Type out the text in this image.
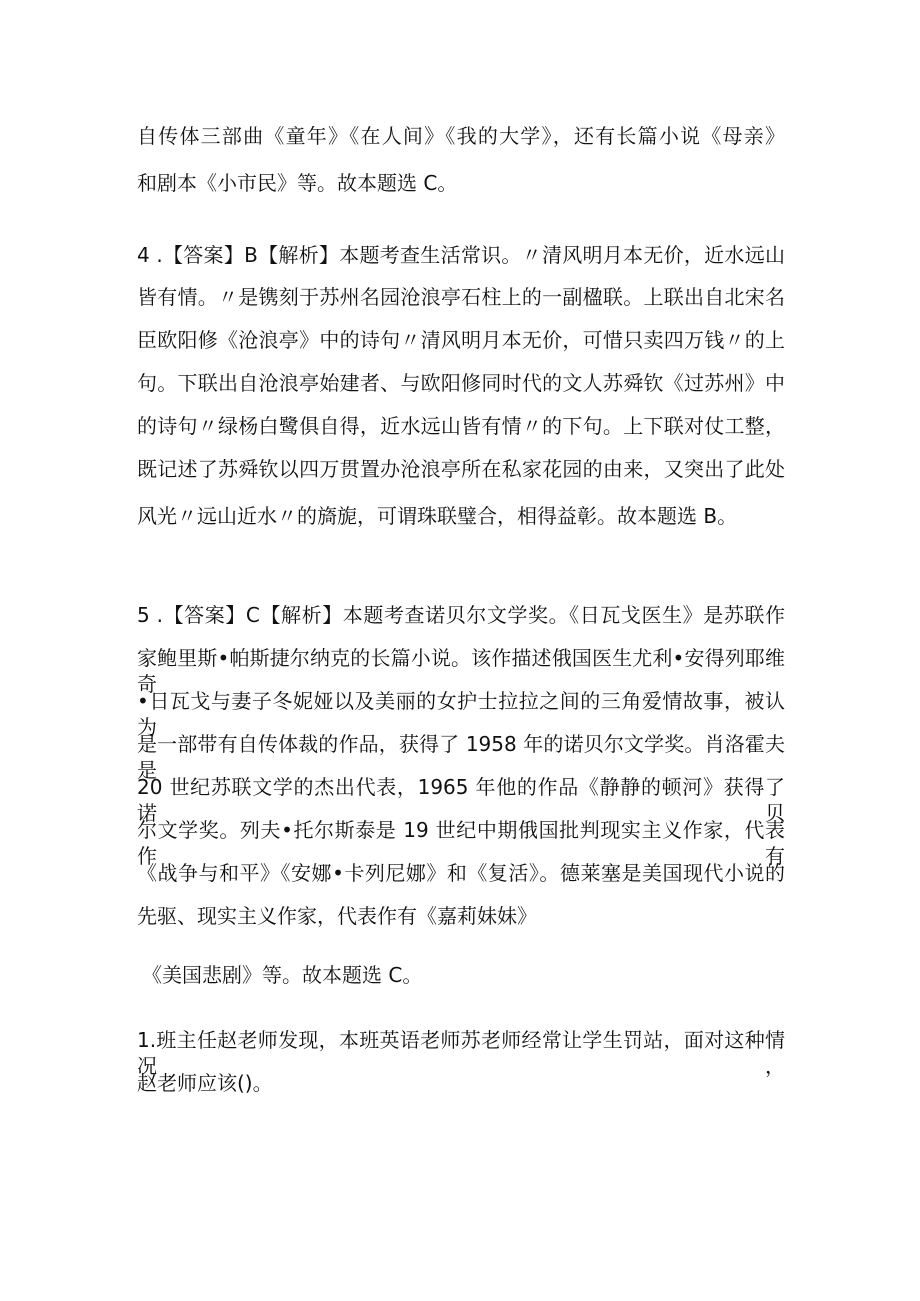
自传体三部曲《童年》《在人间》《我的大学》，还有长篇小说《母亲》

和剧本《小市民》等。故本题选 C。

4 .【答案】B【解析】本题考查生活常识。〃清风明月本无价，近水远山

皆有情。〃是镌刻于苏州名园沧浪亭石柱上的一副楹联。上联出自北宋名

臣欧阳修《沧浪亭》中的诗句〃清风明月本无价，可惜只卖四万钱〃的上

句。下联出自沧浪亭始建者、与欧阳修同时代的文人苏舜钦《过苏州》中

的诗句〃绿杨白鹭俱自得，近水远山皆有情〃的下句。上下联对仗工整，

既记述了苏舜钦以四万贯置办沧浪亭所在私家花园的由来，又突出了此处

风光〃远山近水〃的旖旎，可谓珠联璧合，相得益彰。故本题选 B。

5 .【答案】C【解析】本题考查诺贝尔文学奖。《日瓦戈医生》是苏联作

家鲍里斯•帕斯捷尔纳克的长篇小说。该作描述俄国医生尤利•安得列耶维奇

•日瓦戈与妻子冬妮娅以及美丽的女护士拉拉之间的三角爱情故事，被认为

是一部带有自传体裁的作品，获得了 1958 年的诺贝尔文学奖。肖洛霍夫是

20 世纪苏联文学的杰出代表，1965 年他的作品《静静的顿河》获得了诺贝

尔文学奖。列夫•托尔斯泰是 19 世纪中期俄国批判现实主义作家，代表作有

《战争与和平》《安娜•卡列尼娜》和《复活》。德莱塞是美国现代小说的

先驱、现实主义作家，代表作有《嘉莉妹妹》

《美国悲剧》等。故本题选 C。

1.班主任赵老师发现，本班英语老师苏老师经常让学生罚站，面对这种情况，

赵老师应该()。
